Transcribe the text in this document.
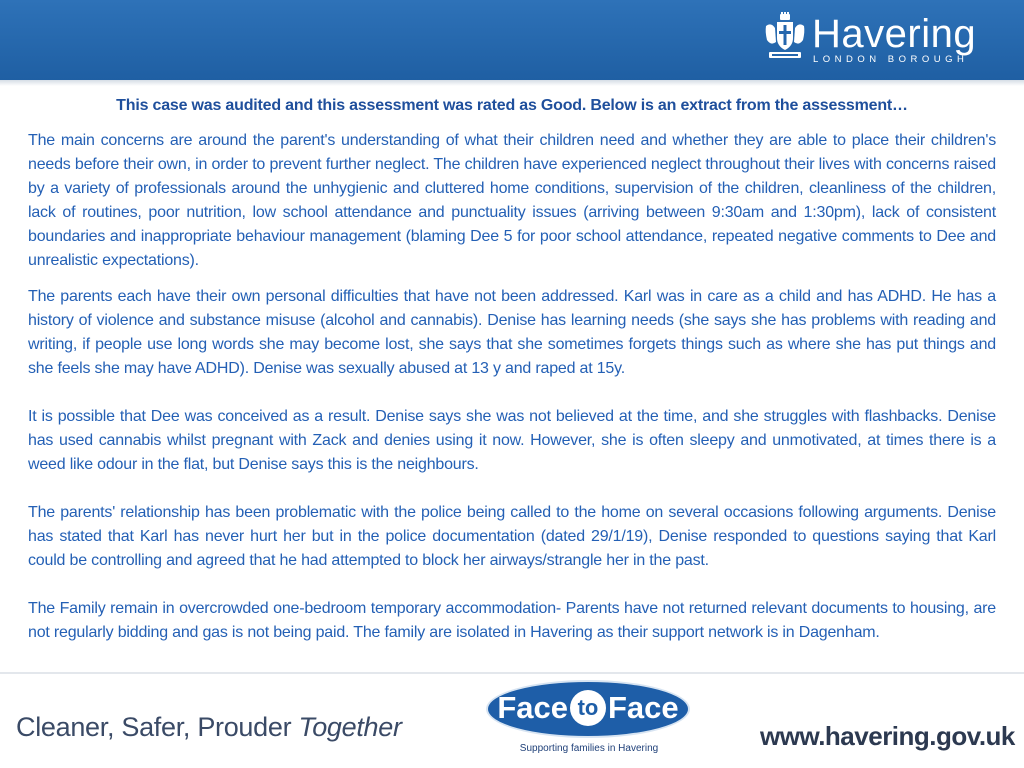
Havering
LONDON BOROUGH

This case was audited and this assessment was rated as Good. Below is an extract from the assessment…

The main concerns are around the parent's understanding of what their children need and whether they are able to place their children's needs before their own, in order to prevent further neglect. The children have experienced neglect throughout their lives with concerns raised by a variety of professionals around the unhygienic and cluttered home conditions, supervision of the children, cleanliness of the children, lack of routines, poor nutrition, low school attendance and punctuality issues (arriving between 9:30am and 1:30pm), lack of consistent boundaries and inappropriate behaviour management (blaming Dee 5 for poor school attendance, repeated negative comments to Dee and unrealistic expectations).

The parents each have their own personal difficulties that have not been addressed. Karl was in care as a child and has ADHD. He has a history of violence and substance misuse (alcohol and cannabis). Denise has learning needs (she says she has problems with reading and writing, if people use long words she may become lost, she says that she sometimes forgets things such as where she has put things and she feels she may have ADHD). Denise was sexually abused at 13 y and raped at 15y.

It is possible that Dee was conceived as a result. Denise says she was not believed at the time, and she struggles with flashbacks. Denise has used cannabis whilst pregnant with Zack and denies using it now. However, she is often sleepy and unmotivated, at times there is a weed like odour in the flat, but Denise says this is the neighbours.

The parents' relationship has been problematic with the police being called to the home on several occasions following arguments. Denise has stated that Karl has never hurt her but in the police documentation (dated 29/1/19), Denise responded to questions saying that Karl could be controlling and agreed that he had attempted to block her airways/strangle her in the past.

The Family remain in overcrowded one-bedroom temporary accommodation- Parents have not returned relevant documents to housing, are not regularly bidding and gas is not being paid. The family are isolated in Havering as their support network is in Dagenham.

Cleaner, Safer, Prouder Together
Face to Face
Supporting families in Havering	www.havering.gov.uk
